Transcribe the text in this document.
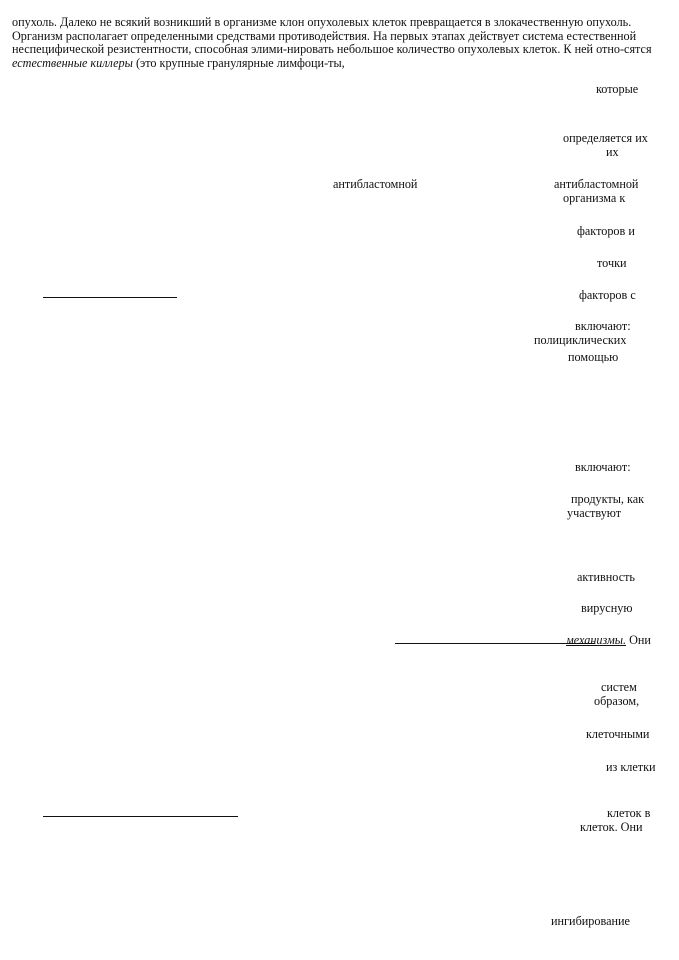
опухоль. Далеко не всякий возникший в организме клон опухолевых клеток превращается в злокачественную опухоль. Организм располагает определенными средствами противодействия. На первых этапах действует система естественной неспецифической резистентности, способная элими-нировать небольшое количество опухолевых клеток. К ней отно-сятся естественные киллеры (это крупные гранулярные лимфоци-ты,

которые
определяется их
их
антибластомной	антибластомной
организма к
факторов и
точки
факторов с
включают:
полициклических
помощью
включают:
продукты, как
участвуют
активность
вирусную
механизмы. Они
систем
образом,
клеточными
из клетки
клеток в
клеток. Они
ингибирование
